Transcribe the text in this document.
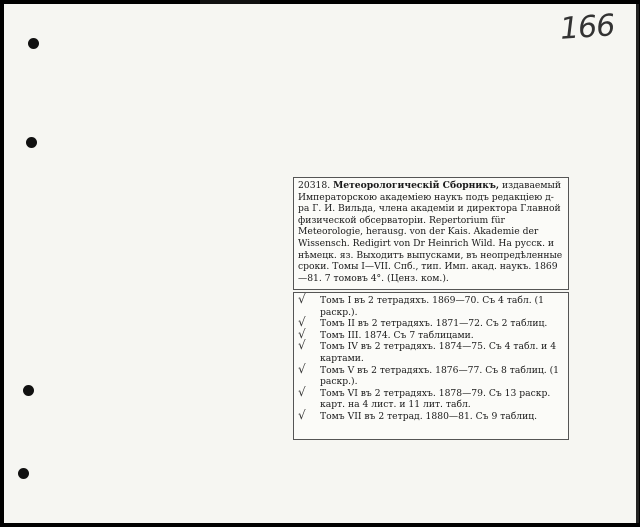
166
20318. Метеорологическій Сборникъ, издаваемый Императорскою академіею наукъ подъ редакціею д-ра Г. И. Вильда, члена академіи и директора Главной физической обсерваторіи. Repertorium für Meteorologie, herausg. von der Kais. Akademie der Wissensch. Redigirt von Dr Heinrich Wild. На русск. и нѣмецк. яз. Выходитъ выпусками, въ неопредѣленные сроки. Томы I—VII. Спб., тип. Имп. акад. наукъ. 1869—81. 7 томовъ 4°. (Ценз. ком.).
√	Томъ I въ 2 тетрадяхъ. 1869—70. Съ 4 табл. (1 раскр.).
√	Томъ II въ 2 тетрадяхъ. 1871—72. Съ 2 таблиц.
√	Томъ III. 1874. Съ 7 таблицами.
√	Томъ IV въ 2 тетрадяхъ. 1874—75. Съ 4 табл. и 4 картами.
√	Томъ V въ 2 тетрадяхъ. 1876—77. Съ 8 таблиц. (1 раскр.).
√	Томъ VI въ 2 тетрадяхъ. 1878—79. Съ 13 раскр. карт. на 4 лист. и 11 лит. табл.
√	Томъ VII въ 2 тетрад. 1880—81. Съ 9 таблиц.
